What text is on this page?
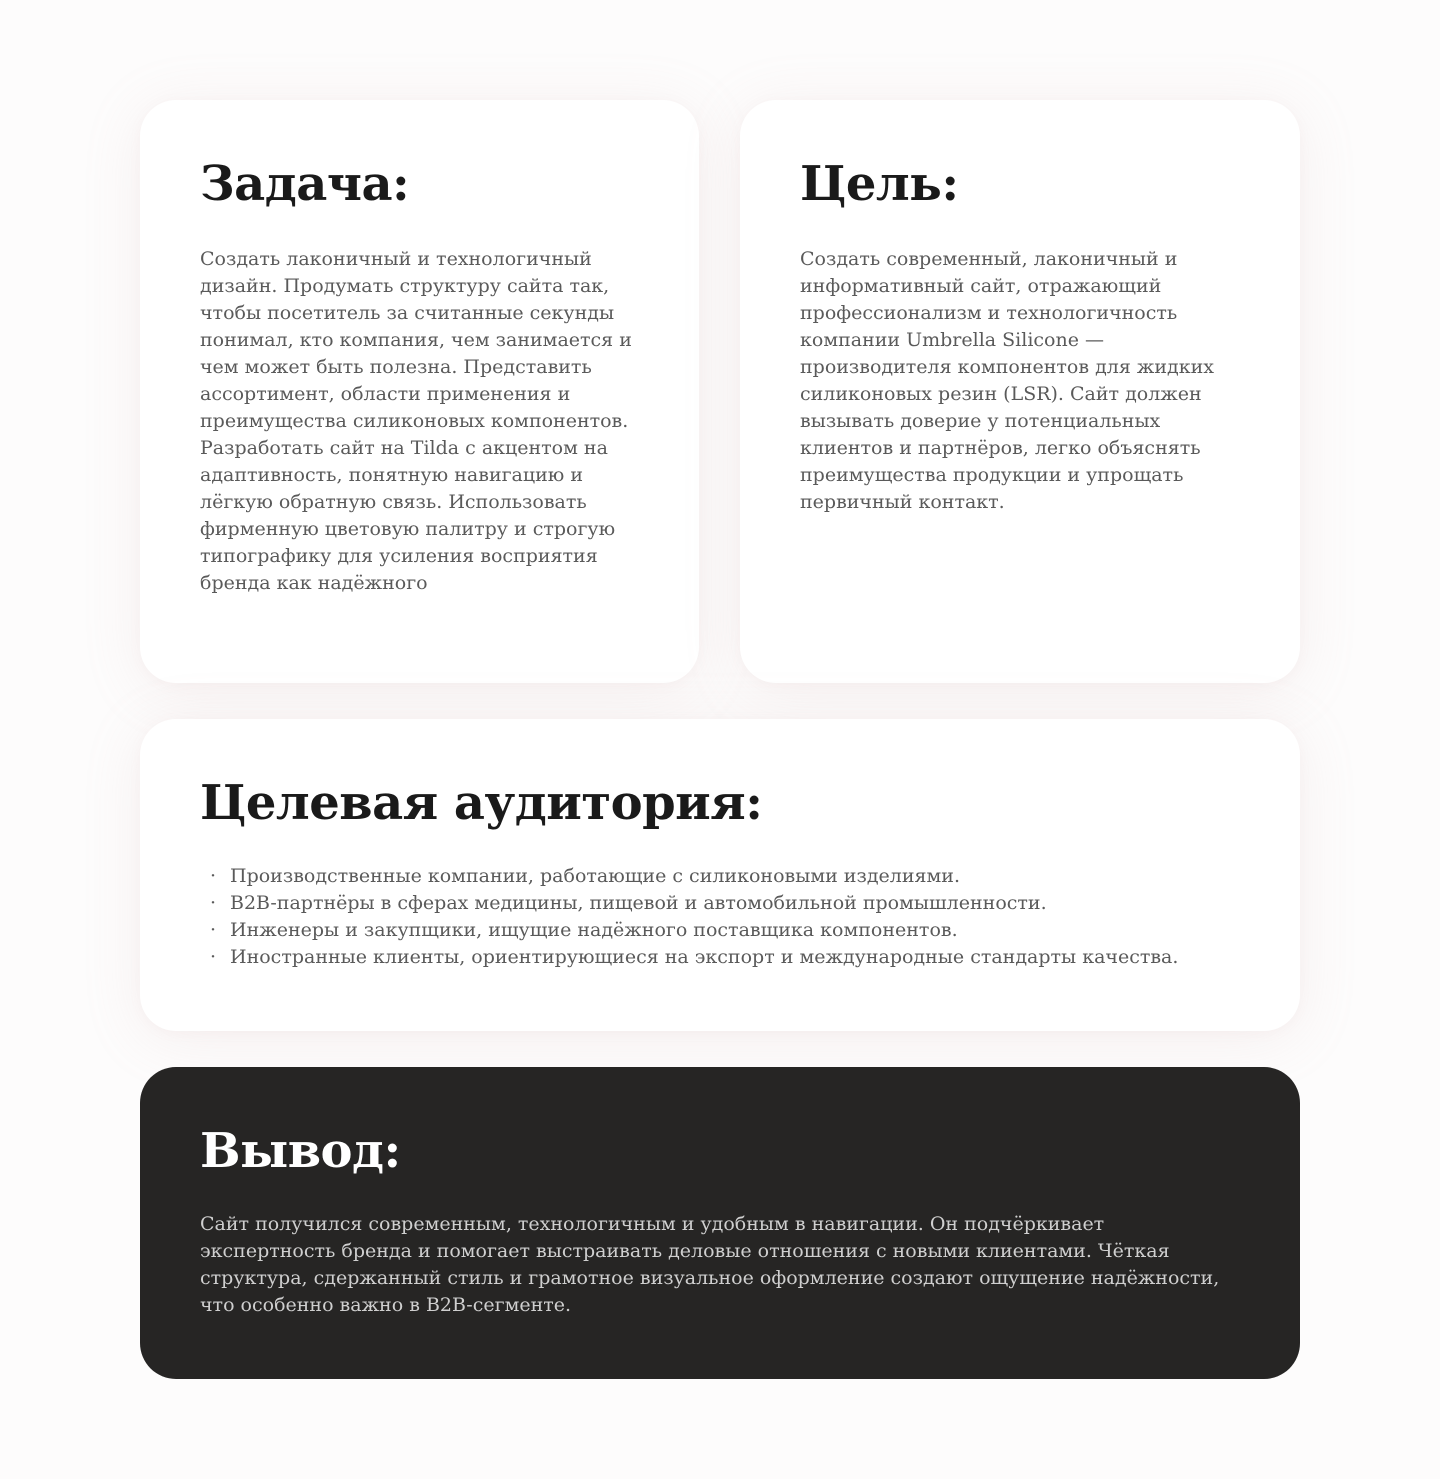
Задача:

Создать лаконичный и технологичный дизайн. Продумать структуру сайта так, чтобы посетитель за считанные секунды понимал, кто компания, чем занимается и чем может быть полезна. Представить ассортимент, области применения и преимущества силиконовых компонентов. Разработать сайт на Tilda с акцентом на адаптивность, понятную навигацию и лёгкую обратную связь. Использовать фирменную цветовую палитру и строгую типографику для усиления восприятия бренда как надёжного

Цель:

Создать современный, лаконичный и информативный сайт, отражающий профессионализм и технологичность компании Umbrella Silicone — производителя компонентов для жидких силиконовых резин (LSR). Сайт должен вызывать доверие у потенциальных клиентов и партнёров, легко объяснять преимущества продукции и упрощать первичный контакт.

Целевая аудитория:
· Производственные компании, работающие с силиконовыми изделиями.
· B2B-партнёры в сферах медицины, пищевой и автомобильной промышленности.
· Инженеры и закупщики, ищущие надёжного поставщика компонентов.
· Иностранные клиенты, ориентирующиеся на экспорт и международные стандарты качества.
Вывод:

Сайт получился современным, технологичным и удобным в навигации. Он подчёркивает экспертность бренда и помогает выстраивать деловые отношения с новыми клиентами. Чёткая структура, сдержанный стиль и грамотное визуальное оформление создают ощущение надёжности, что особенно важно в B2B-сегменте.
